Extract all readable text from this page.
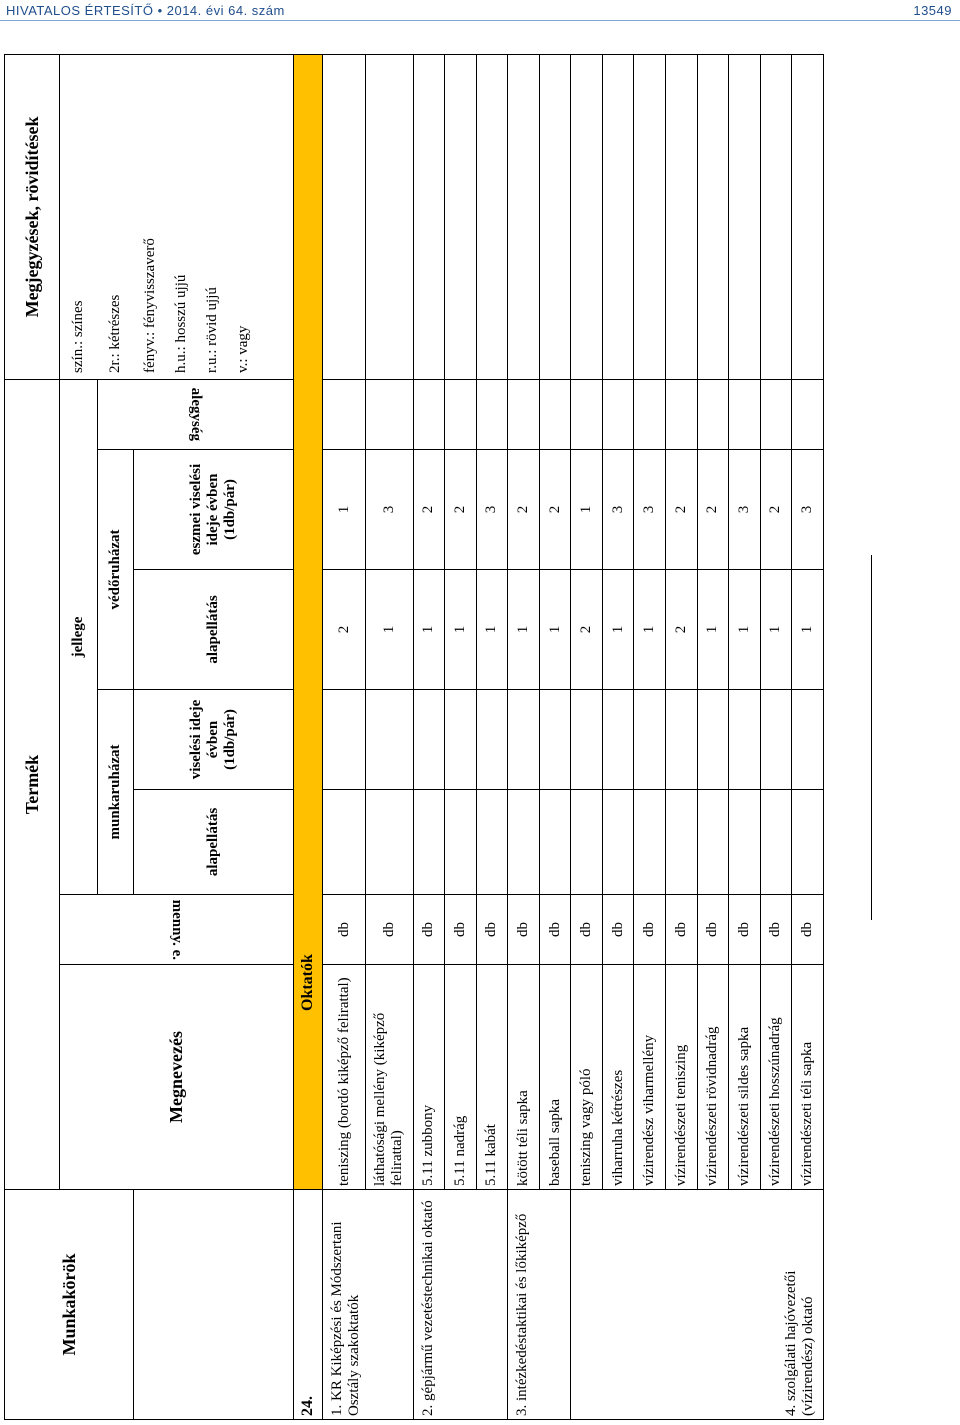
HIVATALOS ÉRTESÍTŐ • 2014. évi 64. szám	13549
Munkakörök	Termék							Megjegyzések, rövidítések
	Megnevezés	menny. e.	jellege					szín.: színes
			munkaruházat		védőruházat		alegység	2r.: kétrészes
			alapellátás	viselési ideje évben (1db/pár)	alapellátás	eszmei viselési ideje évben (1db/pár)		fényv.: fényvisszaverő h.u.: hosszú ujjú r.u.: rövid ujjú v.: vagy

24.	Oktatók							
1. KR Kiképzési és Módszertani Osztály szakoktatók	teniszing (bordó kiképző felirattal)	db			2	1		
	láthatósági mellény (kiképző felirattal)	db			1	3		
2. gépjármű vezetéstechnikai oktató	5.11 zubbony	db			1	2		
	5.11 nadrág	db			1	2		
	5.11 kabát	db			1	3		
3. intézkedéstaktikai és lőkiképző	kötött téli sapka	db			1	2		
	baseball sapka	db			1	2		
4. szolgálati hajóvezetői (vízirendész) oktató	teniszing vagy póló	db			2	1		
	viharruha kétrészes	db			1	3		
	vízirendész viharmellény	db			1	3		
	vízirendészeti teniszing	db			2	2		
	vízirendészeti rövidnadrág	db			1	2		
	vízirendészeti sildes sapka	db			1	3		
	vízirendészeti hosszúnadrág	db			1	2		
	vízirendészeti téli sapka	db			1	3		
